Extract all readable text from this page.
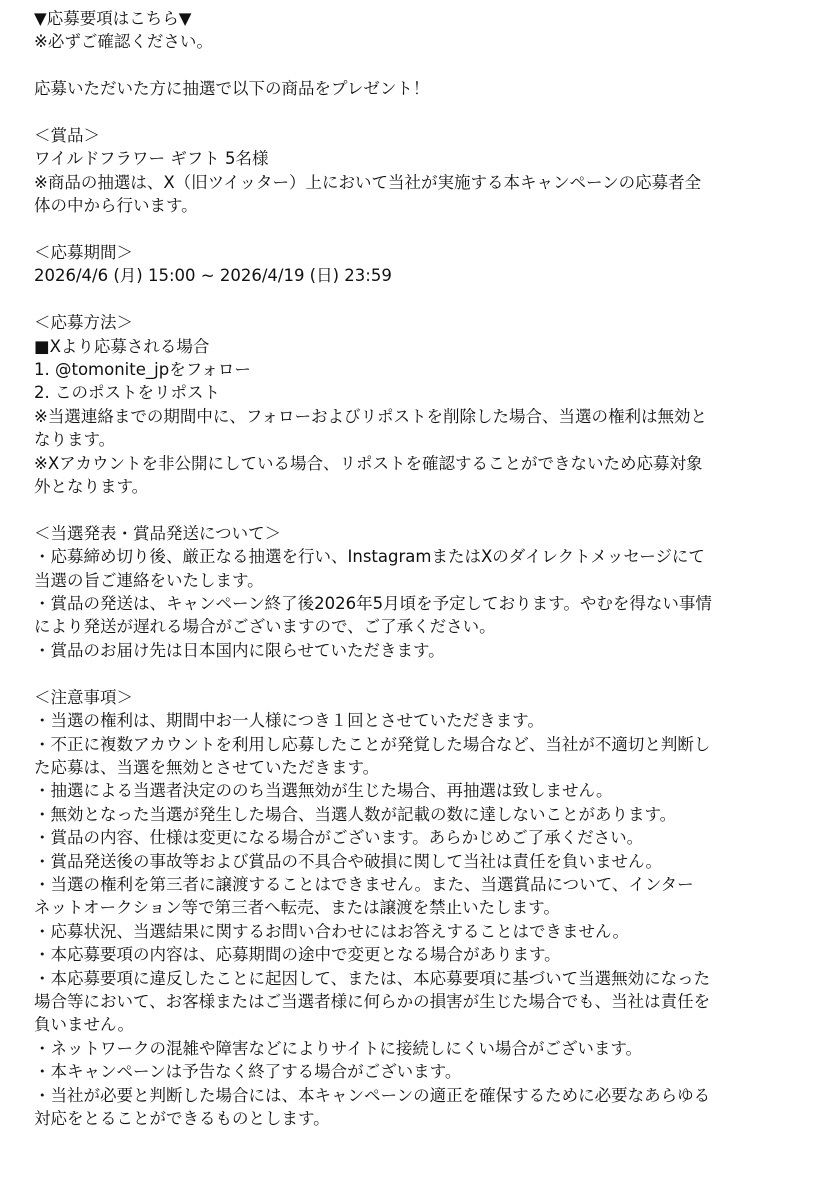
▼応募要項はこちら▼
※必ずご確認ください。
応募いただいた方に抽選で以下の商品をプレゼント！
＜賞品＞
ワイルドフラワー ギフト 5名様
※商品の抽選は、X（旧ツイッター）上において当社が実施する本キャンペーンの応募者全
体の中から行います。
＜応募期間＞
2026/4/6 (月) 15:00 ~ 2026/4/19 (日) 23:59
＜応募方法＞
■Xより応募される場合
1. @tomonite_jpをフォロー
2. このポストをリポスト
※当選連絡までの期間中に、フォローおよびリポストを削除した場合、当選の権利は無効と
なります。
※Xアカウントを非公開にしている場合、リポストを確認することができないため応募対象
外となります。
＜当選発表・賞品発送について＞
・応募締め切り後、厳正なる抽選を行い、InstagramまたはXのダイレクトメッセージにて
当選の旨ご連絡をいたします。
・賞品の発送は、キャンペーン終了後2026年5月頃を予定しております。やむを得ない事情
により発送が遅れる場合がございますので、ご了承ください。
・賞品のお届け先は日本国内に限らせていただきます。
＜注意事項＞
・当選の権利は、期間中お一人様につき１回とさせていただきます。
・不正に複数アカウントを利用し応募したことが発覚した場合など、当社が不適切と判断し
た応募は、当選を無効とさせていただきます。
・抽選による当選者決定ののち当選無効が生じた場合、再抽選は致しません。
・無効となった当選が発生した場合、当選人数が記載の数に達しないことがあります。
・賞品の内容、仕様は変更になる場合がございます。あらかじめご了承ください。
・賞品発送後の事故等および賞品の不具合や破損に関して当社は責任を負いません。
・当選の権利を第三者に譲渡することはできません。また、当選賞品について、インター
ネットオークション等で第三者へ転売、または譲渡を禁止いたします。
・応募状況、当選結果に関するお問い合わせにはお答えすることはできません。
・本応募要項の内容は、応募期間の途中で変更となる場合があります。
・本応募要項に違反したことに起因して、または、本応募要項に基づいて当選無効になった
場合等において、お客様またはご当選者様に何らかの損害が生じた場合でも、当社は責任を
負いません。
・ネットワークの混雑や障害などによりサイトに接続しにくい場合がございます。
・本キャンペーンは予告なく終了する場合がございます。
・当社が必要と判断した場合には、本キャンペーンの適正を確保するために必要なあらゆる
対応をとることができるものとします。
